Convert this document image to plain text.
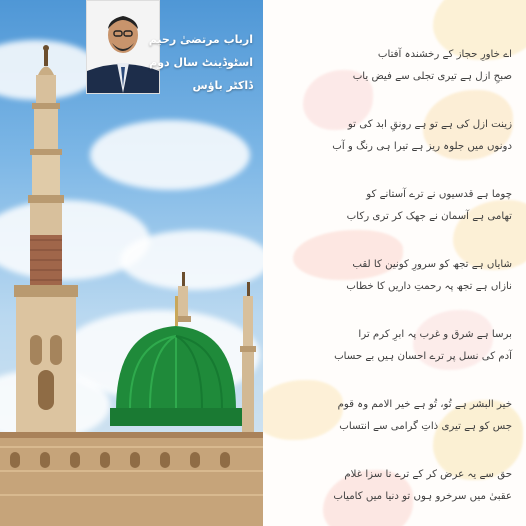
ارباب مرتضیٰ رحیم
اسٹوڈینٹ سال دوم
ڈاکٹر باؤس
اے خاورِ حجاز کے رخشندہ آفتاب
صبحِ ازل ہے تیری تجلی سے فیض یاب
زینت ازل کی ہے تو ہے رونقِ ابد کی تو
دونوں میں جلوہ ریز ہے تیرا ہی رنگ و آب
چوما ہے قدسیوں نے ترے آستانے کو
تھامی ہے آسمان نے جھک کر تری رکاب
شایاں ہے تجھ کو سرورِ کونین کا لقب
نازاں ہے تجھ پہ رحمتِ داریں کا خطاب
برسا ہے شرق و غرب پہ ابرِ کرم ترا
آدم کی نسل پر ترے احسان ہیں بے حساب
خیر البشر ہے تُو، تُو ہے خیر الامم وہ قوم
جس کو ہے تیری ذاتِ گرامی سے انتساب
حق سے یہ عرض کر کے ترے نا سزا غلام
عقبیٰ میں سرخرو ہوں تو دنیا میں کامیاب
